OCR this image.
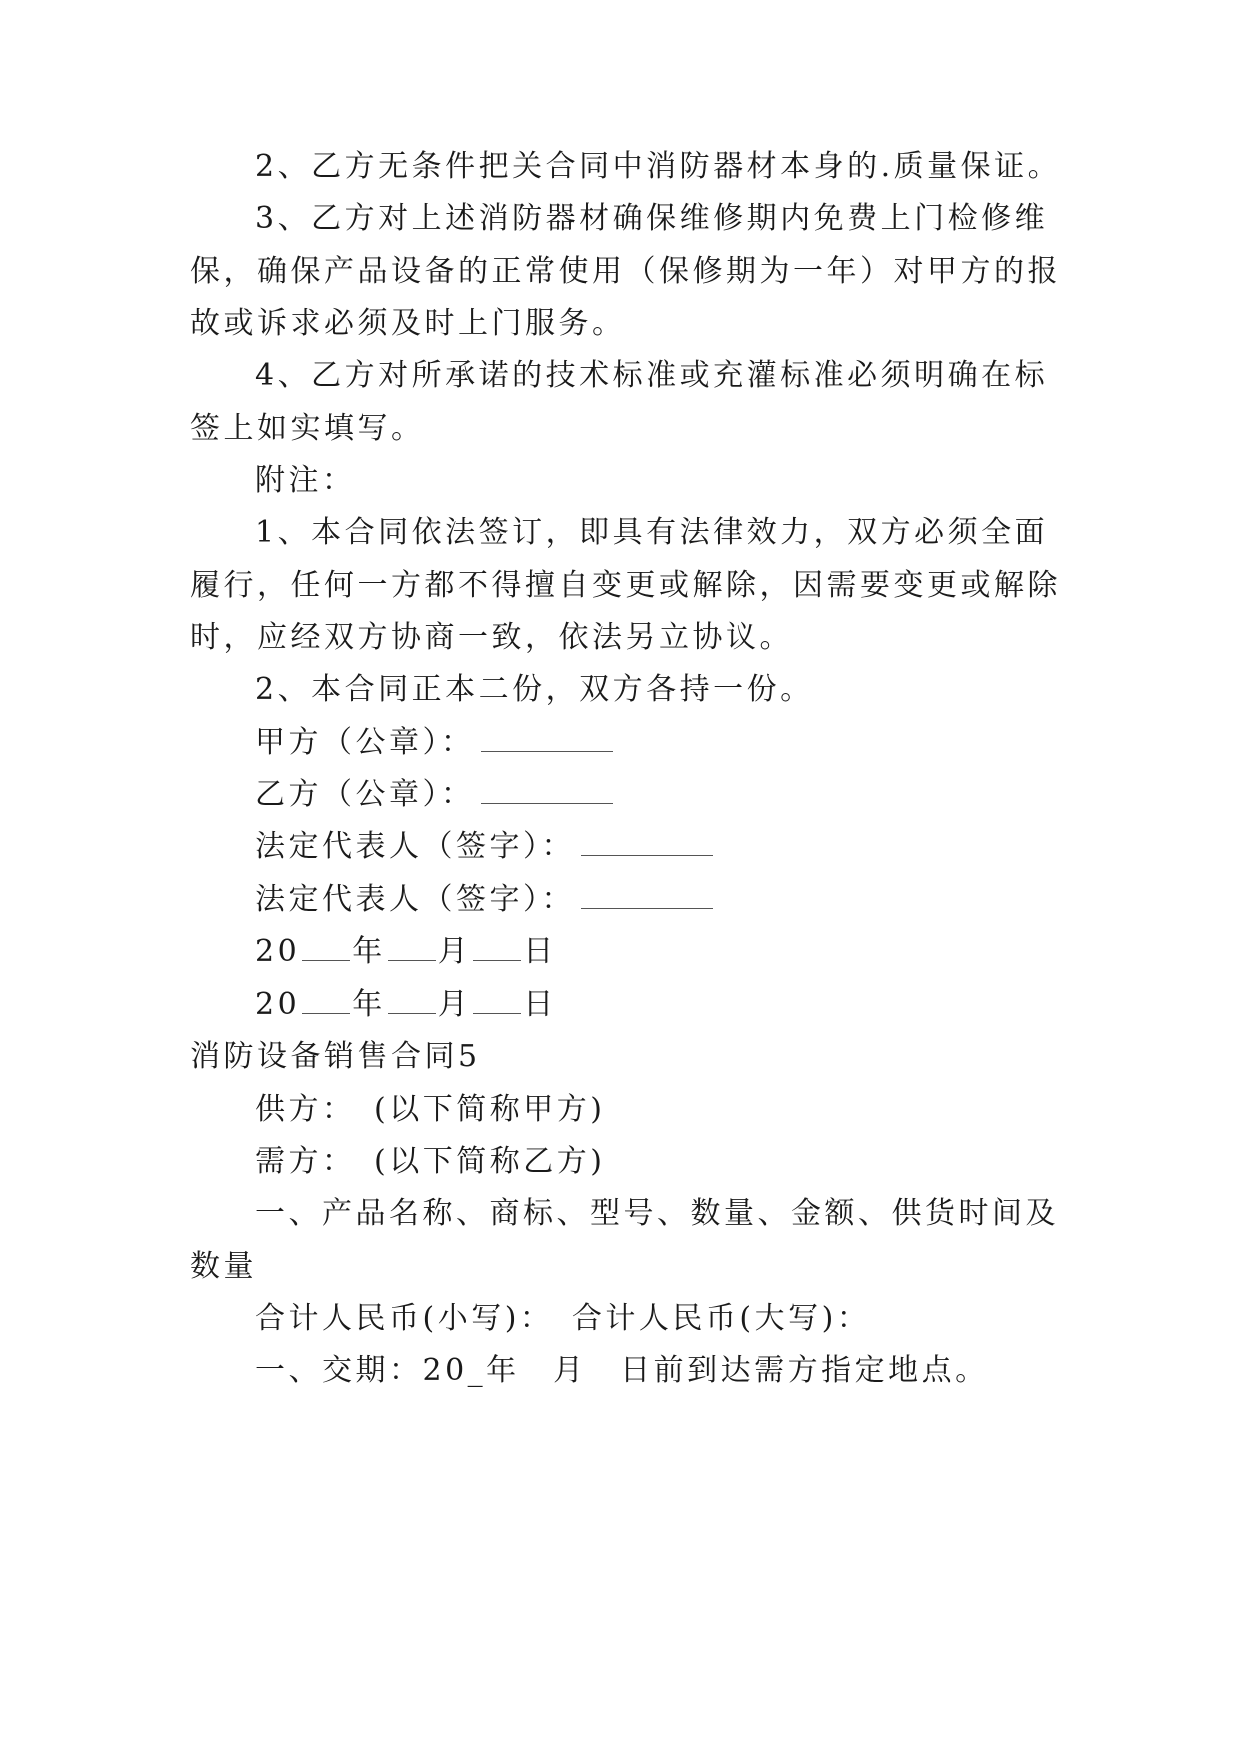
2、乙方无条件把关合同中消防器材本身的.质量保证。
3、乙方对上述消防器材确保维修期内免费上门检修维
保，确保产品设备的正常使用（保修期为一年）对甲方的报
故或诉求必须及时上门服务。
4、乙方对所承诺的技术标准或充灌标准必须明确在标
签上如实填写。
附注：
1、本合同依法签订，即具有法律效力，双方必须全面
履行，任何一方都不得擅自变更或解除，因需要变更或解除
时，应经双方协商一致，依法另立协议。
2、本合同正本二份，双方各持一份。
甲方（公章）：
乙方（公章）：
法定代表人（签字）：
法定代表人（签字）：
20 年 月 日
20 年 月 日
消防设备销售合同5
供方：　(以下简称甲方)
需方：　(以下简称乙方)
一、产品名称、商标、型号、数量、金额、供货时间及
数量
合计人民币(小写)：　合计人民币(大写)：
一、交期：20_年　月　日前到达需方指定地点。
